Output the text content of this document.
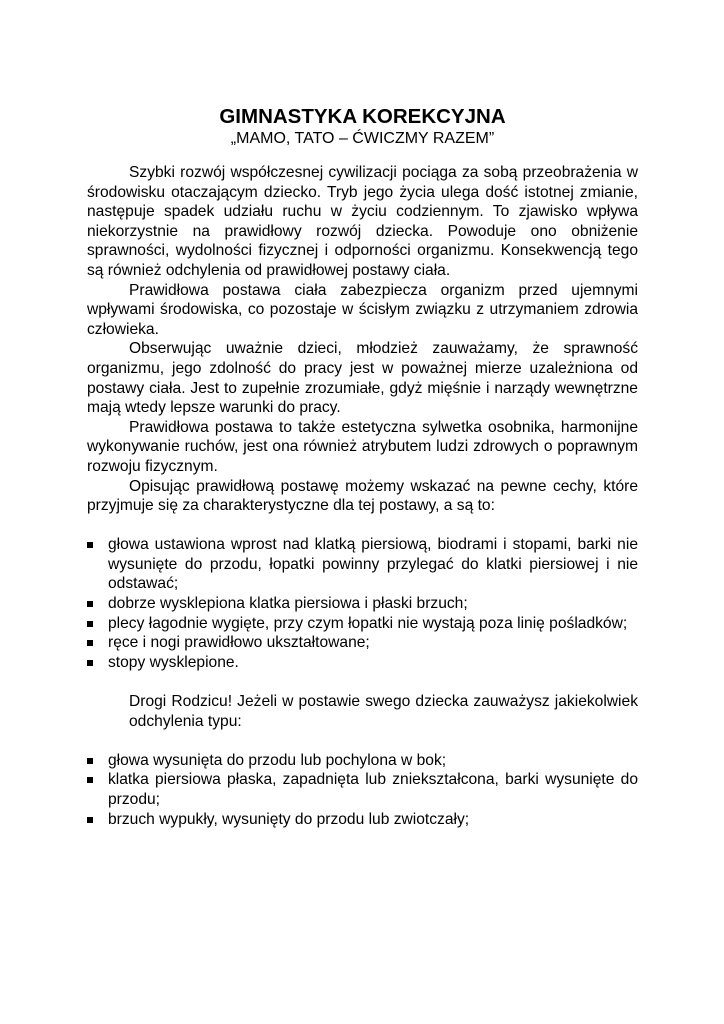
GIMNASTYKA KOREKCYJNA

„MAMO, TATO – ĆWICZMY RAZEM”

Szybki rozwój współczesnej cywilizacji pociąga za sobą przeobrażenia w środowisku otaczającym dziecko. Tryb jego życia ulega dość istotnej zmianie, następuje spadek udziału ruchu w życiu codziennym. To zjawisko wpływa niekorzystnie na prawidłowy rozwój dziecka. Powoduje ono obniżenie sprawności, wydolności fizycznej i odporności organizmu. Konsekwencją tego są również odchylenia od prawidłowej postawy ciała.

Prawidłowa postawa ciała zabezpiecza organizm przed ujemnymi wpływami środowiska, co pozostaje w ścisłym związku z utrzymaniem zdrowia człowieka.

Obserwując uważnie dzieci, młodzież zauważamy, że sprawność organizmu, jego zdolność do pracy jest w poważnej mierze uzależniona od postawy ciała. Jest to zupełnie zrozumiałe, gdyż mięśnie i narządy wewnętrzne mają wtedy lepsze warunki do pracy.

Prawidłowa postawa to także estetyczna sylwetka osobnika, harmonijne wykonywanie ruchów, jest ona również atrybutem ludzi zdrowych o poprawnym rozwoju fizycznym.

Opisując prawidłową postawę możemy wskazać na pewne cechy, które przyjmuje się za charakterystyczne dla tej postawy, a są to:

głowa ustawiona wprost nad klatką piersiową, biodrami i stopami, barki nie wysunięte do przodu, łopatki powinny przylegać do klatki piersiowej i nie odstawać;
dobrze wysklepiona klatka piersiowa i płaski brzuch;
plecy łagodnie wygięte, przy czym łopatki nie wystają poza linię pośladków;
ręce i nogi prawidłowo ukształtowane;
stopy wysklepione.

Drogi Rodzicu! Jeżeli w postawie swego dziecka zauważysz jakiekolwiek odchylenia typu:

głowa wysunięta do przodu lub pochylona w bok;
klatka piersiowa płaska, zapadnięta lub zniekształcona, barki wysunięte do przodu;
brzuch wypukły, wysunięty do przodu lub zwiotczały;
